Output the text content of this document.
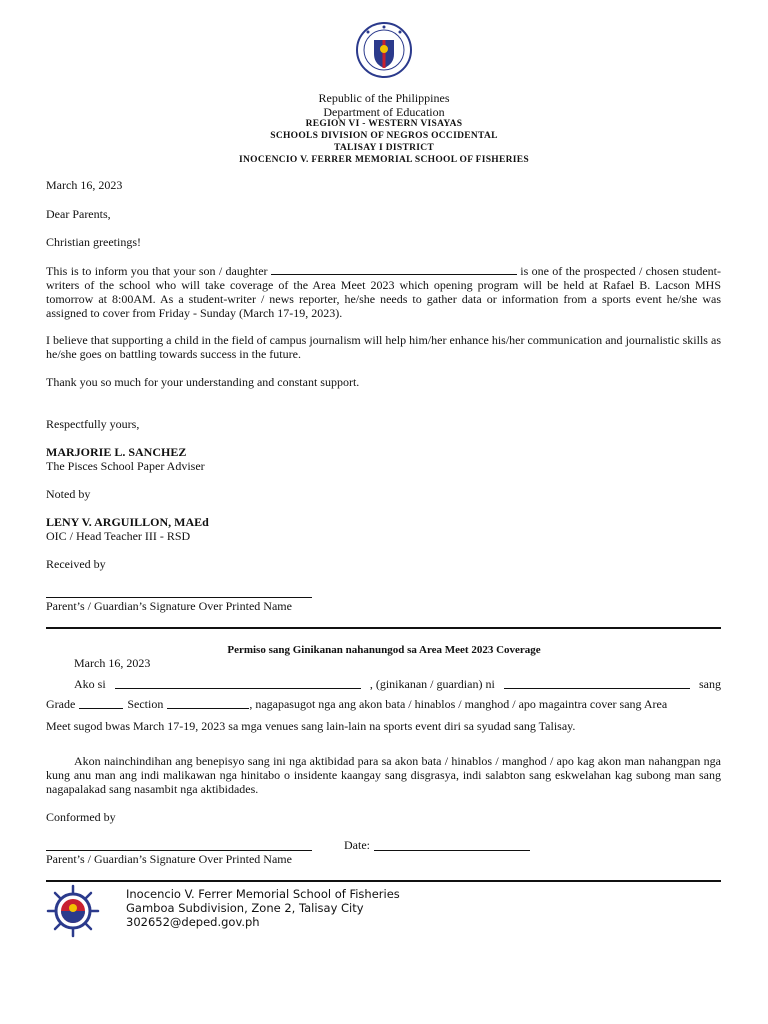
Republic of the Philippines
Department of Education
REGION VI - WESTERN VISAYAS
SCHOOLS DIVISION OF NEGROS OCCIDENTAL
TALISAY I DISTRICT
INOCENCIO V. FERRER MEMORIAL SCHOOL OF FISHERIES
March 16, 2023
Dear Parents,
Christian greetings!
This is to inform you that your son / daughter	is one of the prospected / chosen student-writers of the school who will take coverage of the Area Meet 2023 which opening program will be held at Rafael B. Lacson MHS tomorrow at 8:00AM. As a student-writer / news reporter, he/she needs to gather data or information from a sports event he/she was assigned to cover from Friday - Sunday (March 17-19, 2023).
I believe that supporting a child in the field of campus journalism will help him/her enhance his/her communication and journalistic skills as he/she goes on battling towards success in the future.
Thank you so much for your understanding and constant support.
Respectfully yours,
MARJORIE L. SANCHEZ
The Pisces School Paper Adviser
Noted by
LENY V. ARGUILLON, MAEd
OIC / Head Teacher III - RSD
Received by
Parent’s / Guardian’s Signature Over Printed Name
Permiso sang Ginikanan nahanungod sa Area Meet 2023 Coverage
March 16, 2023
Ako si	, (ginikanan / guardian) ni	sang
Grade	Section	, nagapasugot nga ang akon bata / hinablos / manghod / apo magaintra cover sang Area
Meet sugod bwas March 17-19, 2023 sa mga venues sang lain-lain na sports event diri sa syudad sang Talisay.
Akon nainchindihan ang benepisyo sang ini nga aktibidad para sa akon bata / hinablos / manghod / apo kag akon man nahangpan nga kung anu man ang indi malikawan nga hinitabo o insidente kaangay sang disgrasya, indi salabton sang eskwelahan kag subong man sang nagapalakad sang nasambit nga aktibidades.
Conformed by
Date:
Parent’s / Guardian’s Signature Over Printed Name
Inocencio V. Ferrer Memorial School of Fisheries
Gamboa Subdivision, Zone 2, Talisay City
302652@deped.gov.ph
